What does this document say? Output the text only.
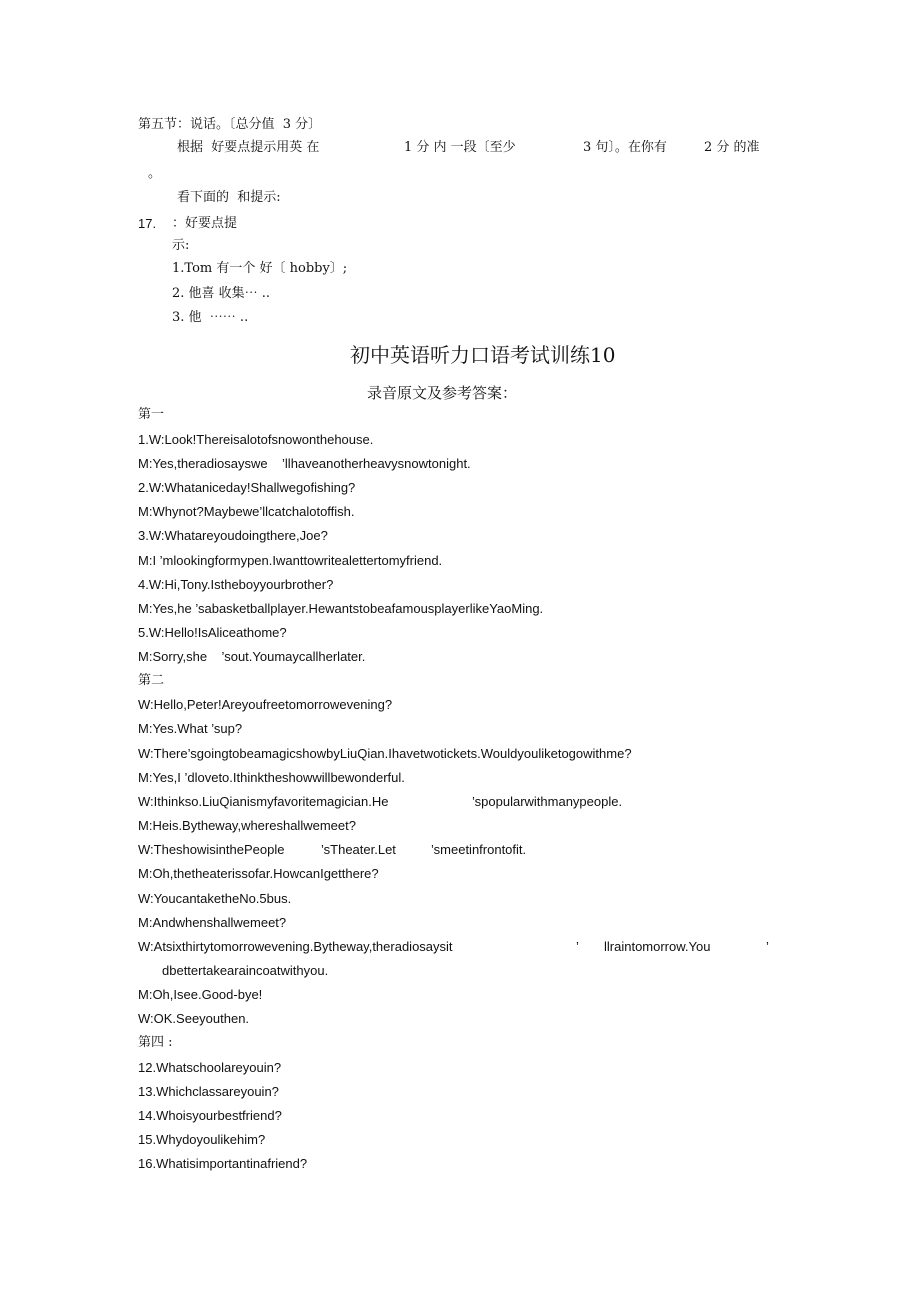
第五节：说话。〔总分值  3 分〕
根据  好要点提示用英 在	1 分 内 一段〔至少	3 句〕。在你有	2 分 的准
。
看下面的  和提示:
17. ：好要点提
示:
1.Tom 有一个 好〔 hobby〕;
2. 他喜 收集⋯ ..
3. 他  ⋯⋯ ..
初中英语听力口语考试训练10
录音原文及参考答案：
第一
1.W:Look!Thereisalotofsnowonthehouse.
M:Yes,theradiosayswe    ’llhaveanotherheavysnowtonight.
2.W:Whataniceday!Shallwegofishing?
M:Whynot?Maybewe’llcatchalotoffish.
3.W:Whatareyoudoingthere,Joe?
M:I ’mlookingformypen.Iwanttowritealettertomyfriend.
4.W:Hi,Tony.Istheboyyourbrother?
M:Yes,he ’sabasketballplayer.HewantstobeafamousplayerlikeYaoMing.
5.W:Hello!IsAliceathome?
M:Sorry,she    ’sout.Youmaycallherlater.
第二
W:Hello,Peter!Areyoufreetomorrowevening?
M:Yes.What ’sup?
W:There’sgoingtobeamagicshowbyLiuQian.Ihavetwotickets.Wouldyouliketogowithme?
M:Yes,I ’dloveto.Ithinktheshowwillbewonderful.
W:Ithinkso.LiuQianismyfavoritemagician.He	’spopularwithmanypeople.
M:Heis.Bytheway,whereshallwemeet?
W:TheshowisinthePeople	’sTheater.Let	’smeetinfrontofit.
M:Oh,thetheaterissofar.HowcanIgetthere?
W:YoucantaketheNo.5bus.
M:Andwhenshallwemeet?
W:Atsixthirtytomorrowevening.Bytheway,theradiosaysit	’ llraintomorrow.You	’
dbettertakearaincoatwithyou.
M:Oh,Isee.Good-bye!
W:OK.Seeyouthen.
第四 :
12.Whatschoolareyouin?
13.Whichclassareyouin?
14.Whoisyourbestfriend?
15.Whydoyoulikehim?
16.Whatisimportantinafriend?
